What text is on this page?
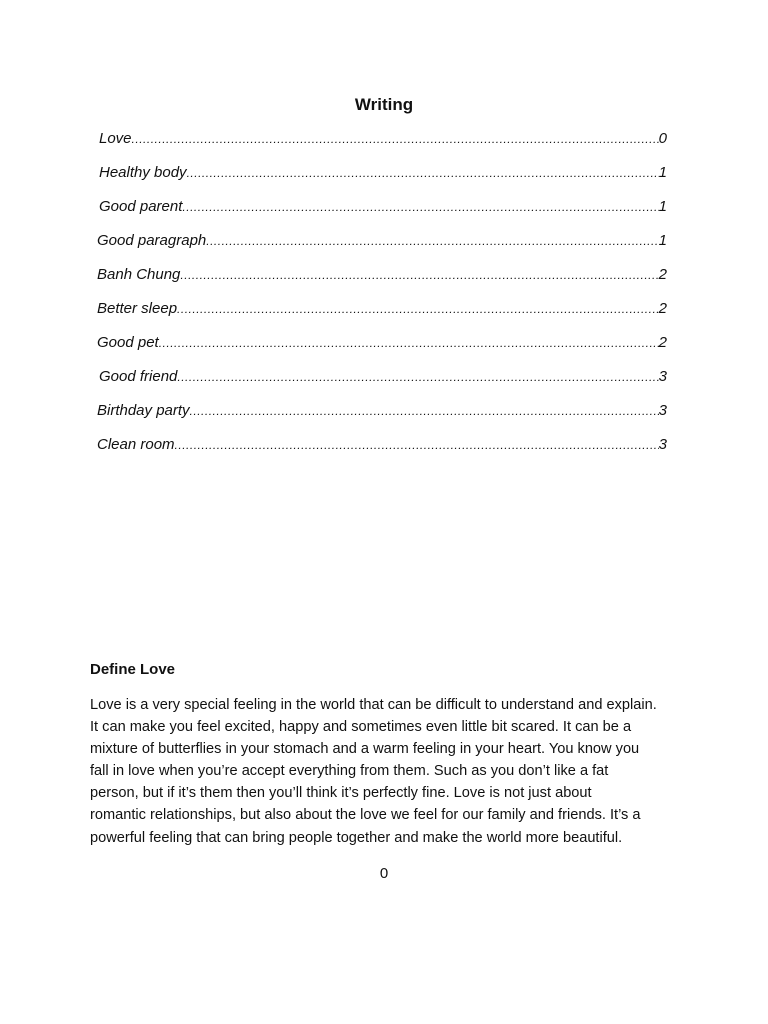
Writing
Love .....	0
Healthy body .....	1
Good parent .....	1
Good paragraph .....	1
Banh Chung .....	2
Better sleep .....	2
Good pet .....	2
Good friend .....	3
Birthday party .....	3
Clean room .....	3
Define Love
Love is a very special feeling in the world that can be difficult to understand and explain.
It can make you feel excited, happy and sometimes even little bit scared. It can be a
mixture of butterflies in your stomach and a warm feeling in your heart. You know you
fall in love when you’re accept everything from them. Such as you don’t like a fat
person, but if it’s them then you’ll think it’s perfectly fine. Love is not just about
romantic relationships, but also about the love we feel for our family and friends. It’s a
powerful feeling that can bring people together and make the world more beautiful.
0
